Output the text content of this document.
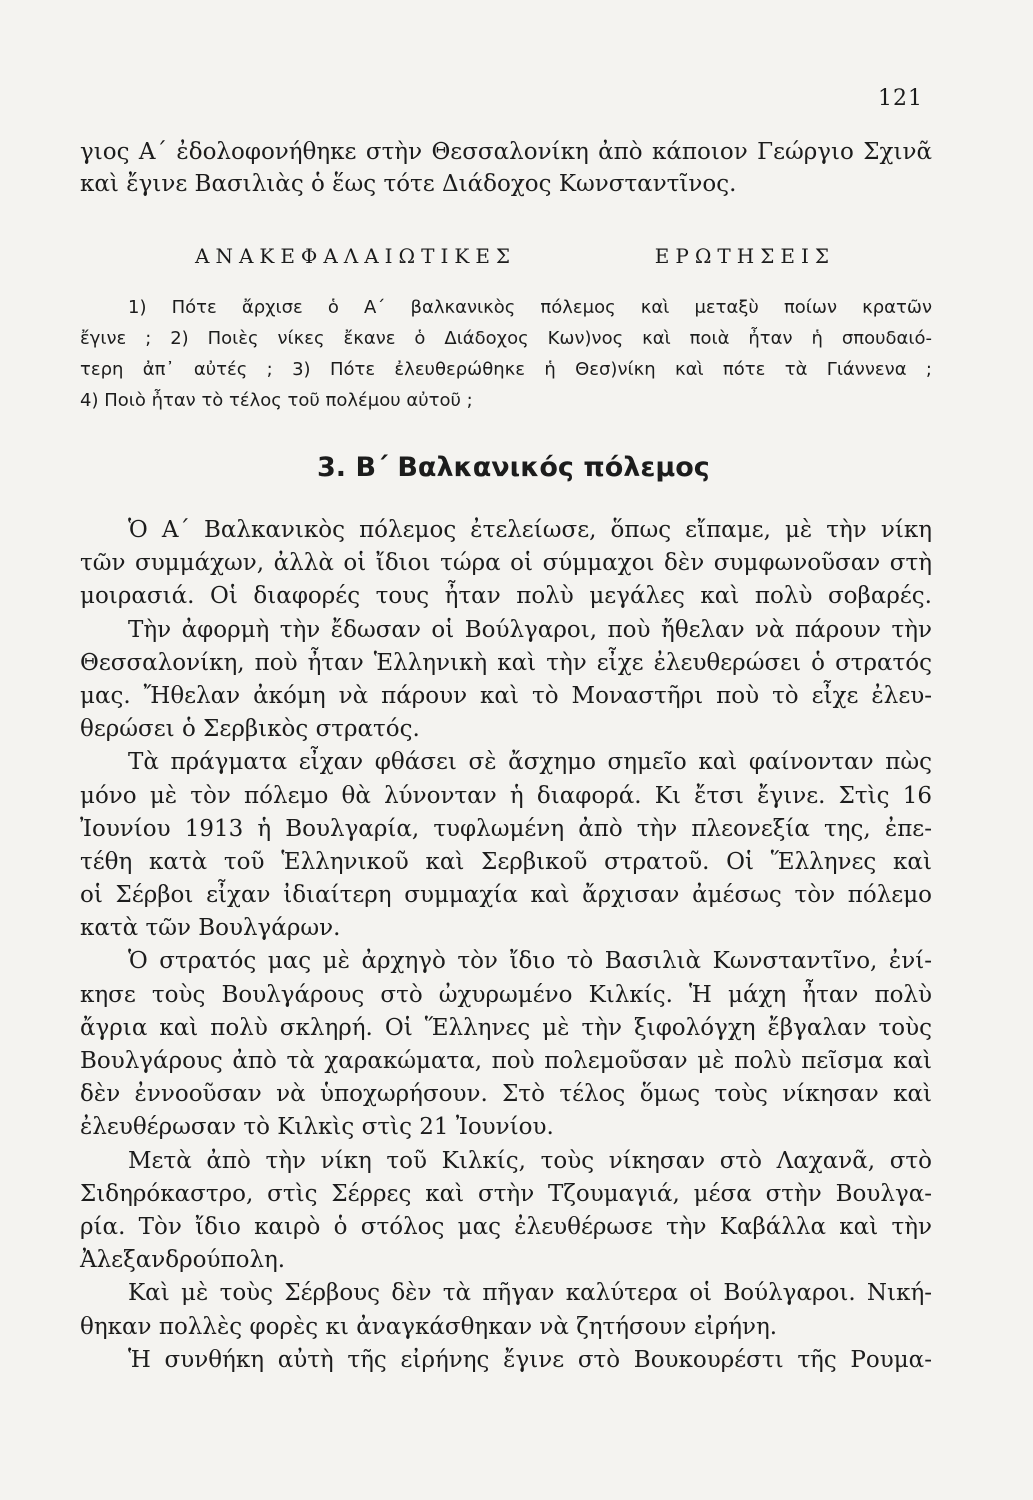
121

γιος Α΄ ἐδολοφονήθηκε στὴν Θεσσαλονίκη ἀπὸ κάποιον Γεώργιο Σχινᾶ

καὶ ἔγινε Βασιλιὰς ὁ ἕως τότε Διάδοχος Κωνσταντῖνος.

ΑΝΑΚΕΦΑΛΑΙΩΤΙΚΕΣ	ΕΡΩΤΗΣΕΙΣ

1) Πότε ἄρχισε ὁ Α΄ βαλκανικὸς πόλεμος καὶ μεταξὺ ποίων κρατῶν

ἔγινε ; 2) Ποιὲς νίκες ἔκανε ὁ Διάδοχος Κων)νος καὶ ποιὰ ἦταν ἡ σπουδαιό-

τερη ἀπ᾽ αὐτές ; 3) Πότε ἐλευθερώθηκε ἡ Θεσ)νίκη καὶ πότε τὰ Γιάννενα ;

4) Ποιὸ ἦταν τὸ τέλος τοῦ πολέμου αὐτοῦ ;

3. Β΄ Βαλκανικός πόλεμος

Ὁ Α΄ Βαλκανικὸς πόλεμος ἐτελείωσε, ὅπως εἴπαμε, μὲ τὴν νίκη

τῶν συμμάχων, ἀλλὰ οἱ ἴδιοι τώρα οἱ σύμμαχοι δὲν συμφωνοῦσαν στὴ

μοιρασιά. Οἱ διαφορές τους ἦταν πολὺ μεγάλες καὶ πολὺ σοβαρές.

Τὴν ἀφορμὴ τὴν ἔδωσαν οἱ Βούλγαροι, ποὺ ἤθελαν νὰ πάρουν τὴν

Θεσσαλονίκη, ποὺ ἦταν Ἑλληνικὴ καὶ τὴν εἶχε ἐλευθερώσει ὁ στρατός

μας. Ἤθελαν ἀκόμη νὰ πάρουν καὶ τὸ Μοναστῆρι ποὺ τὸ εἶχε ἐλευ-

θερώσει ὁ Σερβικὸς στρατός.

Τὰ πράγματα εἶχαν φθάσει σὲ ἄσχημο σημεῖο καὶ φαίνονταν πὼς

μόνο μὲ τὸν πόλεμο θὰ λύνονταν ἡ διαφορά. Κι ἔτσι ἔγινε. Στὶς 16

Ἰουνίου 1913 ἡ Βουλγαρία, τυφλωμένη ἀπὸ τὴν πλεονεξία της, ἐπε-

τέθη κατὰ τοῦ Ἑλληνικοῦ καὶ Σερβικοῦ στρατοῦ. Οἱ Ἕλληνες καὶ

οἱ Σέρβοι εἶχαν ἰδιαίτερη συμμαχία καὶ ἄρχισαν ἀμέσως τὸν πόλεμο

κατὰ τῶν Βουλγάρων.

Ὁ στρατός μας μὲ ἀρχηγὸ τὸν ἴδιο τὸ Βασιλιὰ Κωνσταντῖνο, ἐνί-

κησε τοὺς Βουλγάρους στὸ ὠχυρωμένο Κιλκίς. Ἡ μάχη ἦταν πολὺ

ἄγρια καὶ πολὺ σκληρή. Οἱ Ἕλληνες μὲ τὴν ξιφολόγχη ἔβγαλαν τοὺς

Βουλγάρους ἀπὸ τὰ χαρακώματα, ποὺ πολεμοῦσαν μὲ πολὺ πεῖσμα καὶ

δὲν ἐννοοῦσαν νὰ ὑποχωρήσουν. Στὸ τέλος ὅμως τοὺς νίκησαν καὶ

ἐλευθέρωσαν τὸ Κιλκὶς στὶς 21 Ἰουνίου.

Μετὰ ἀπὸ τὴν νίκη τοῦ Κιλκίς, τοὺς νίκησαν στὸ Λαχανᾶ, στὸ

Σιδηρόκαστρο, στὶς Σέρρες καὶ στὴν Τζουμαγιά, μέσα στὴν Βουλγα-

ρία. Τὸν ἴδιο καιρὸ ὁ στόλος μας ἐλευθέρωσε τὴν Καβάλλα καὶ τὴν

Ἀλεξανδρούπολη.

Καὶ μὲ τοὺς Σέρβους δὲν τὰ πῆγαν καλύτερα οἱ Βούλγαροι. Νική-

θηκαν πολλὲς φορὲς κι ἀναγκάσθηκαν νὰ ζητήσουν εἰρήνη.

Ἡ συνθήκη αὐτὴ τῆς εἰρήνης ἔγινε στὸ Βουκουρέστι τῆς Ρουμα-
